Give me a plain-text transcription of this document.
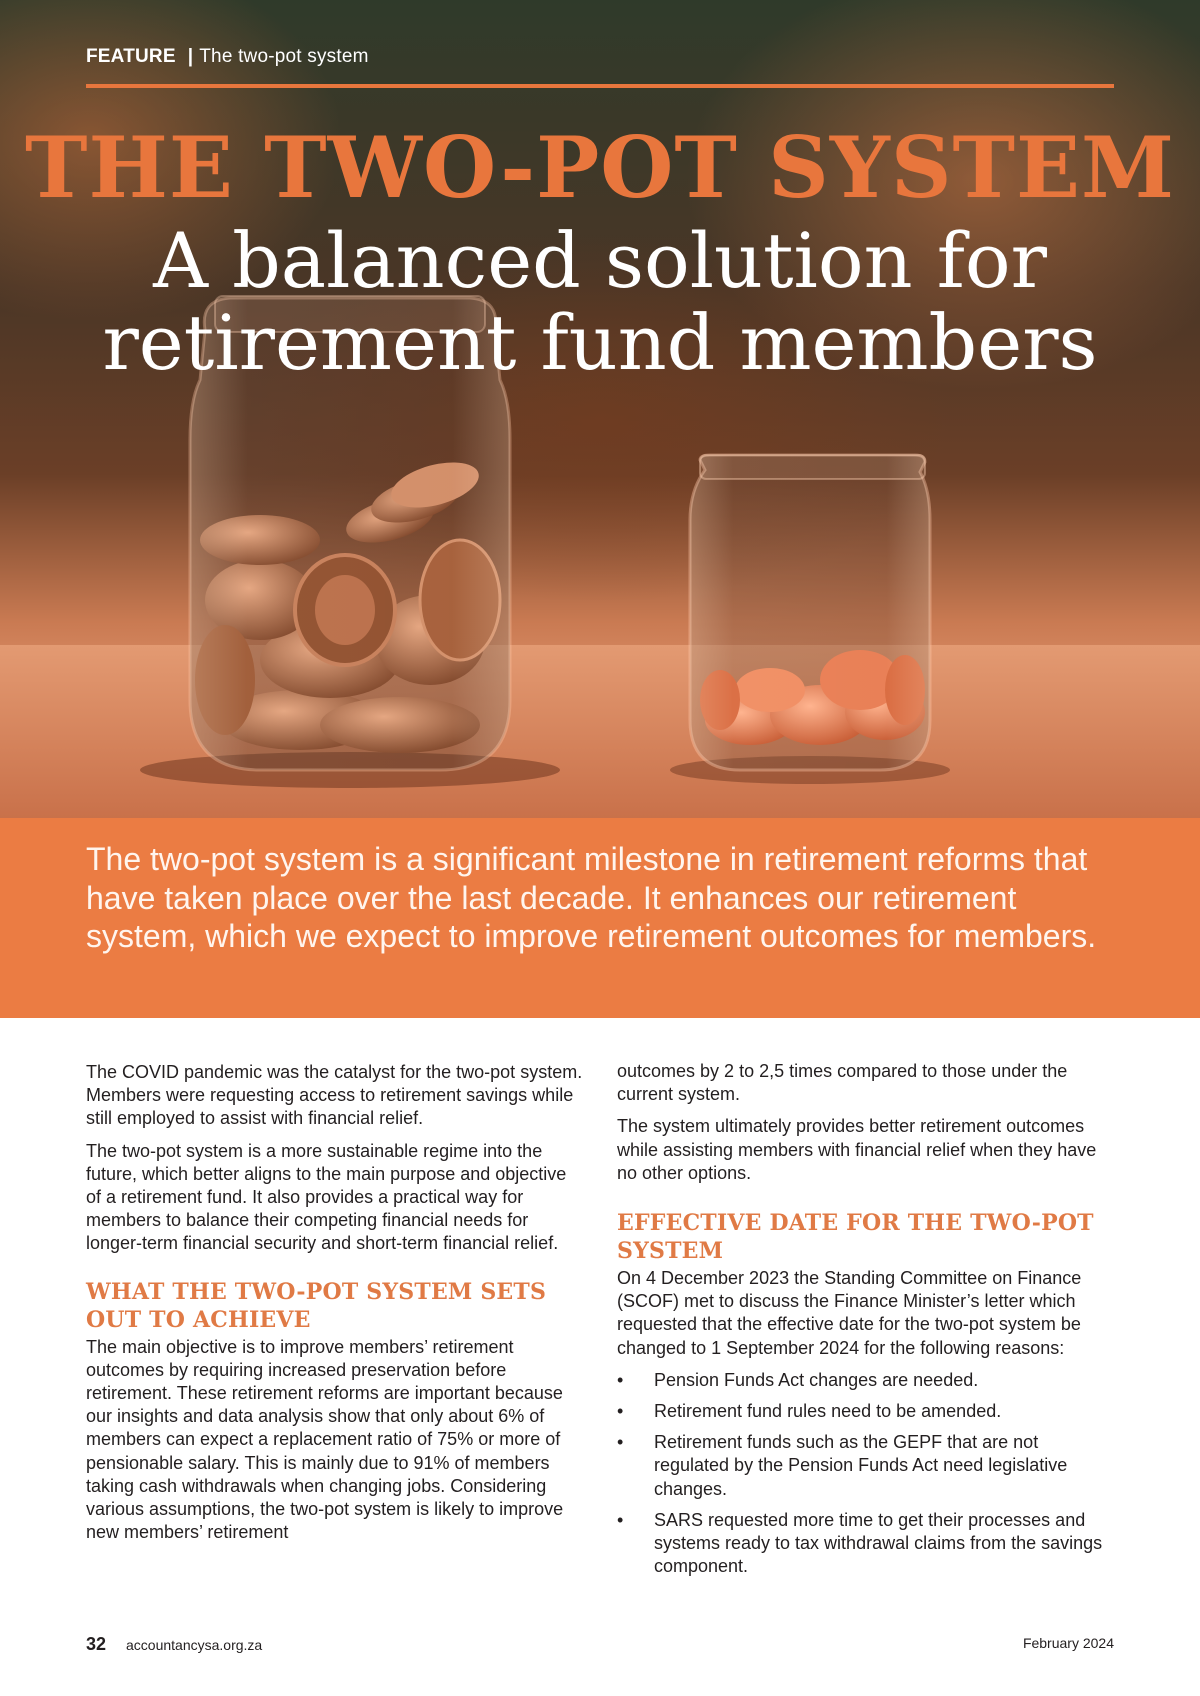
FEATURE | The two-pot system
THE TWO-POT SYSTEM
A balanced solution for
retirement fund members

The two-pot system is a significant milestone in retirement reforms that have taken place over the last decade. It enhances our retirement system, which we expect to improve retirement outcomes for members.

The COVID pandemic was the catalyst for the two-pot system. Members were requesting access to retirement savings while still employed to assist with financial relief.

The two-pot system is a more sustainable regime into the future, which better aligns to the main purpose and objective of a retirement fund. It also provides a practical way for members to balance their competing financial needs for longer-term financial security and short-term financial relief.

WHAT THE TWO-POT SYSTEM SETS OUT TO ACHIEVE

The main objective is to improve members’ retirement outcomes by requiring increased preservation before retirement. These retirement reforms are important because our insights and data analysis show that only about 6% of members can expect a replacement ratio of 75% or more of pensionable salary. This is mainly due to 91% of members taking cash withdrawals when changing jobs. Considering various assumptions, the two-pot system is likely to improve new members’ retirement

outcomes by 2 to 2,5 times compared to those under the current system.

The system ultimately provides better retirement outcomes while assisting members with financial relief when they have no other options.

EFFECTIVE DATE FOR THE TWO-POT SYSTEM

On 4 December 2023 the Standing Committee on Finance (SCOF) met to discuss the Finance Minister’s letter which requested that the effective date for the two-pot system be changed to 1 September 2024 for the following reasons:

• Pension Funds Act changes are needed.
• Retirement fund rules need to be amended.
• Retirement funds such as the GEPF that are not regulated by the Pension Funds Act need legislative changes.
• SARS requested more time to get their processes and systems ready to tax withdrawal claims from the savings component.
32 accountancysa.org.za	February 2024
